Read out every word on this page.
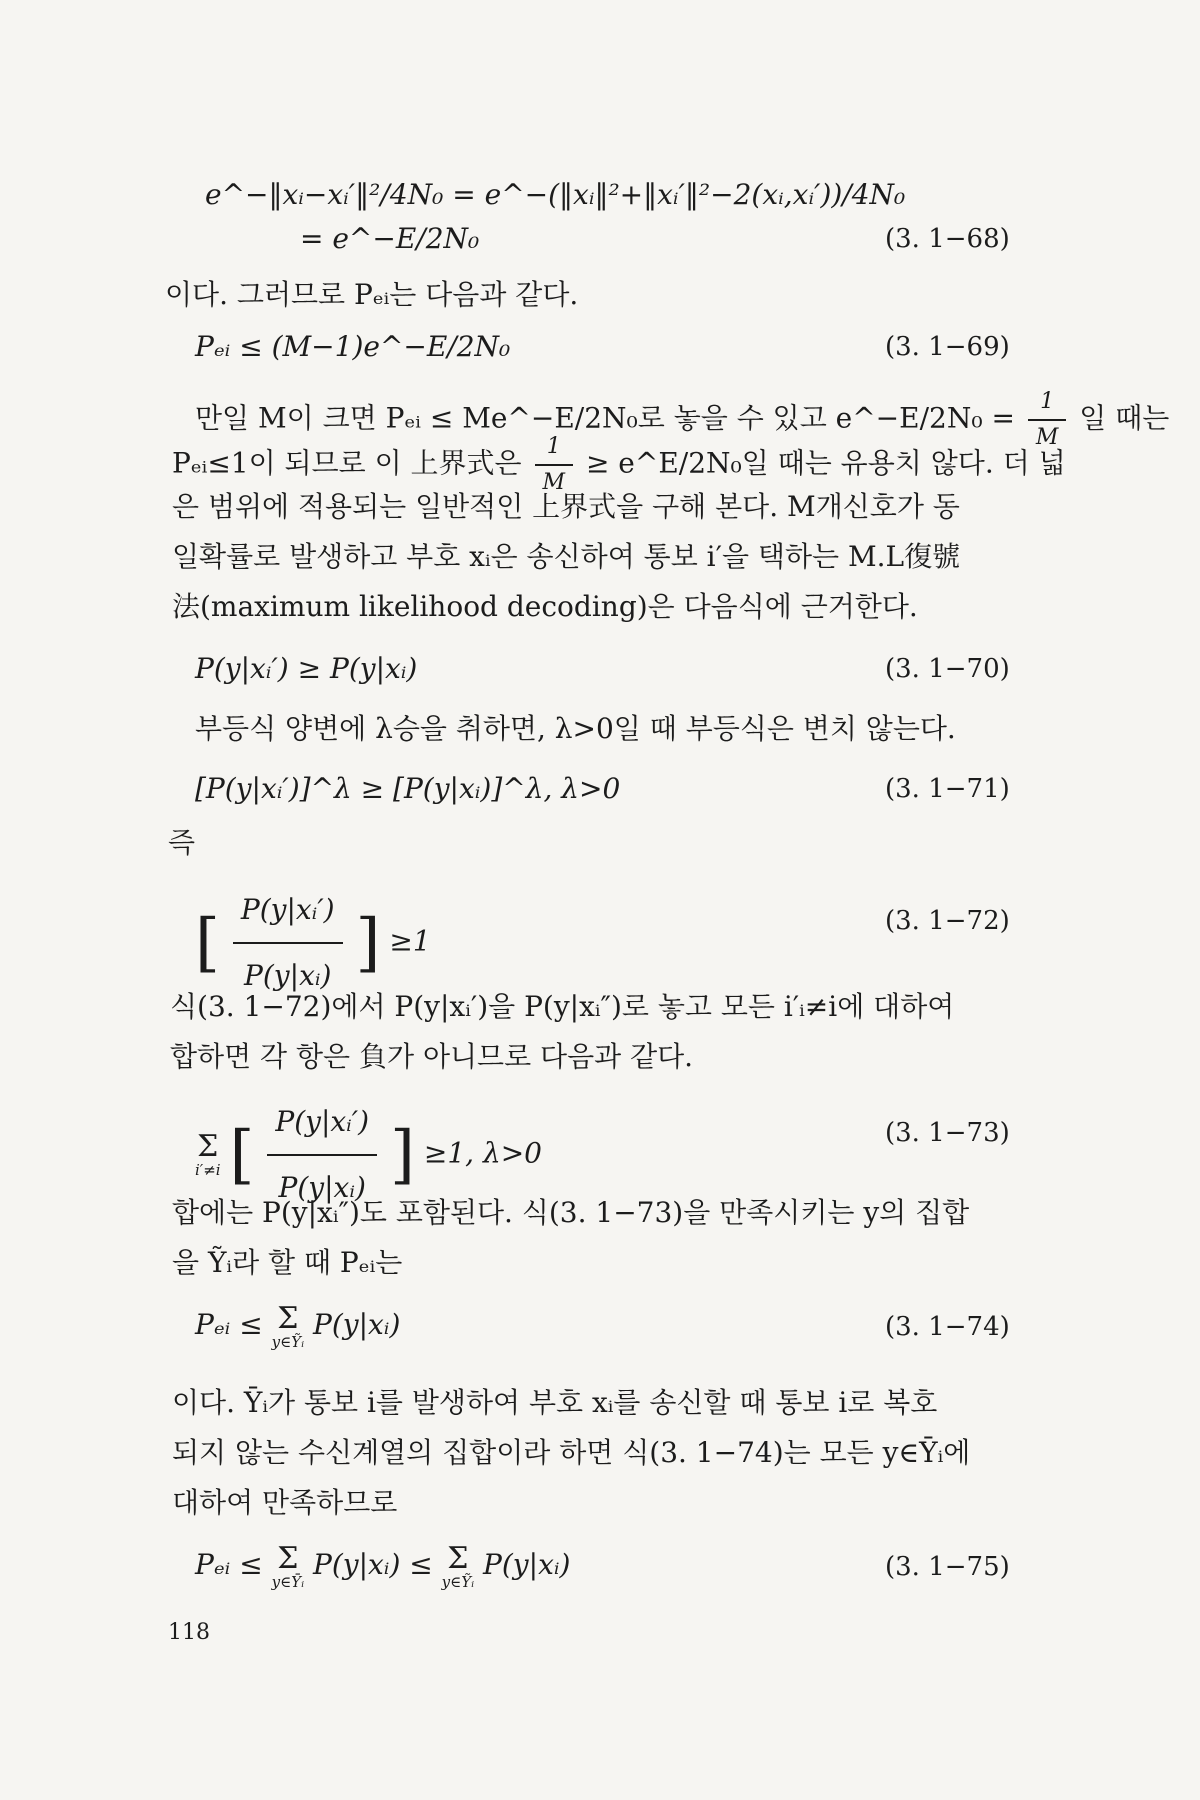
e^−‖xᵢ−xᵢ′‖²/4N₀ = e^−(‖xᵢ‖²+‖xᵢ′‖²−2(xᵢ,xᵢ′))/4N₀
= e^−E/2N₀	(3. 1−68)
이다. 그러므로 Pₑᵢ는 다음과 같다.
Pₑᵢ ≤ (M−1)e^−E/2N₀	(3. 1−69)
만일 M이 크면 Pₑᵢ ≤ Me^−E/2N₀로 놓을 수 있고 e^−E/2N₀ = $\frac{1}{M}$ 일 때는
Pₑᵢ≤1이 되므로 이 上界式은 $\frac{1}{M}$ ≥ e^E/2N₀일 때는 유용치 않다. 더 넓
은 범위에 적용되는 일반적인 上界式을 구해 본다. M개신호가 동
일확률로 발생하고 부호 xᵢ은 송신하여 통보 i′을 택하는 M.L復號
法(maximum likelihood decoding)은 다음식에 근거한다.
P(y|xᵢ′) ≥ P(y|xᵢ)	(3. 1−70)
부등식 양변에 λ승을 취하면, λ>0일 때 부등식은 변치 않는다.
[P(y|xᵢ′)]^λ ≥ [P(y|xᵢ)]^λ, λ>0	(3. 1−71)
즉
[ $\frac{\text{P(y|xᵢ′)}}{\text{P(y|xᵢ)}}$ ] ≥1
(3. 1−72)
식(3. 1−72)에서 P(y|xᵢ′)을 P(y|xᵢ″)로 놓고 모든 i′ᵢ≠i에 대하여
합하면 각 항은 負가 아니므로 다음과 같다.
Σ
i′≠i [ $\frac{\text{P(y|xᵢ′)}}{\text{P(y|xᵢ)}}$ ] ≥1, λ>0
(3. 1−73)
합에는 P(y|xᵢ″)도 포함된다. 식(3. 1−73)을 만족시키는 y의 집합
을 Ỹᵢ라 할 때 Pₑᵢ는
Pₑᵢ ≤ Σ
y∈Ỹᵢ
P(y|xᵢ)	(3. 1−74)
이다. Ȳᵢ가 통보 i를 발생하여 부호 xᵢ를 송신할 때 통보 i로 복호
되지 않는 수신계열의 집합이라 하면 식(3. 1−74)는 모든 y∈Ȳᵢ에
대하여 만족하므로
Pₑᵢ ≤ Σ
y∈Ȳᵢ
P(y|xᵢ) ≤ Σ
y∈Ỹᵢ
P(y|xᵢ)	(3. 1−75)
118
